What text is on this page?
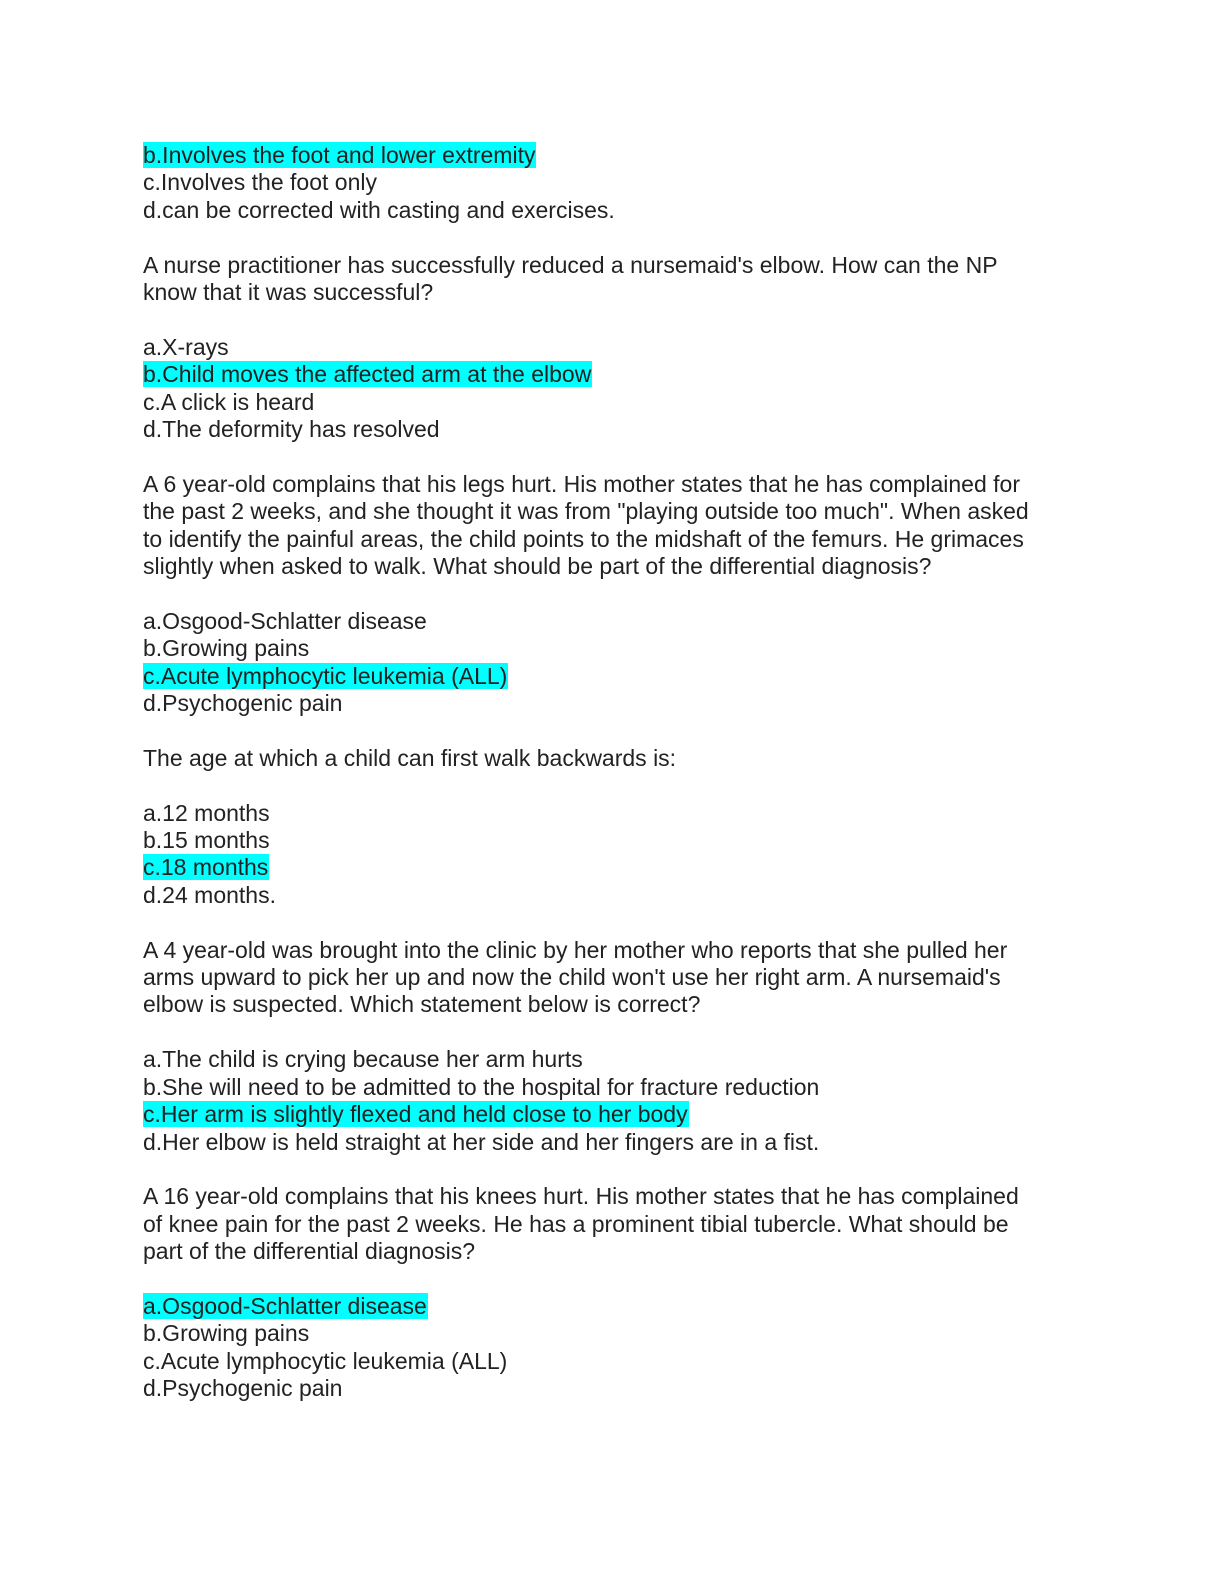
b.Involves the foot and lower extremity
c.Involves the foot only
d.can be corrected with casting and exercises.
A nurse practitioner has successfully reduced a nursemaid's elbow. How can the NP
know that it was successful?
a.X-rays
b.Child moves the affected arm at the elbow
c.A click is heard
d.The deformity has resolved
A 6 year-old complains that his legs hurt. His mother states that he has complained for
the past 2 weeks, and she thought it was from "playing outside too much". When asked
to identify the painful areas, the child points to the midshaft of the femurs. He grimaces
slightly when asked to walk. What should be part of the differential diagnosis?
a.Osgood-Schlatter disease
b.Growing pains
c.Acute lymphocytic leukemia (ALL)
d.Psychogenic pain
The age at which a child can first walk backwards is:
a.12 months
b.15 months
c.18 months
d.24 months.
A 4 year-old was brought into the clinic by her mother who reports that she pulled her
arms upward to pick her up and now the child won't use her right arm. A nursemaid's
elbow is suspected. Which statement below is correct?
a.The child is crying because her arm hurts
b.She will need to be admitted to the hospital for fracture reduction
c.Her arm is slightly flexed and held close to her body
d.Her elbow is held straight at her side and her fingers are in a fist.
A 16 year-old complains that his knees hurt. His mother states that he has complained
of knee pain for the past 2 weeks. He has a prominent tibial tubercle. What should be
part of the differential diagnosis?
a.Osgood-Schlatter disease
b.Growing pains
c.Acute lymphocytic leukemia (ALL)
d.Psychogenic pain
